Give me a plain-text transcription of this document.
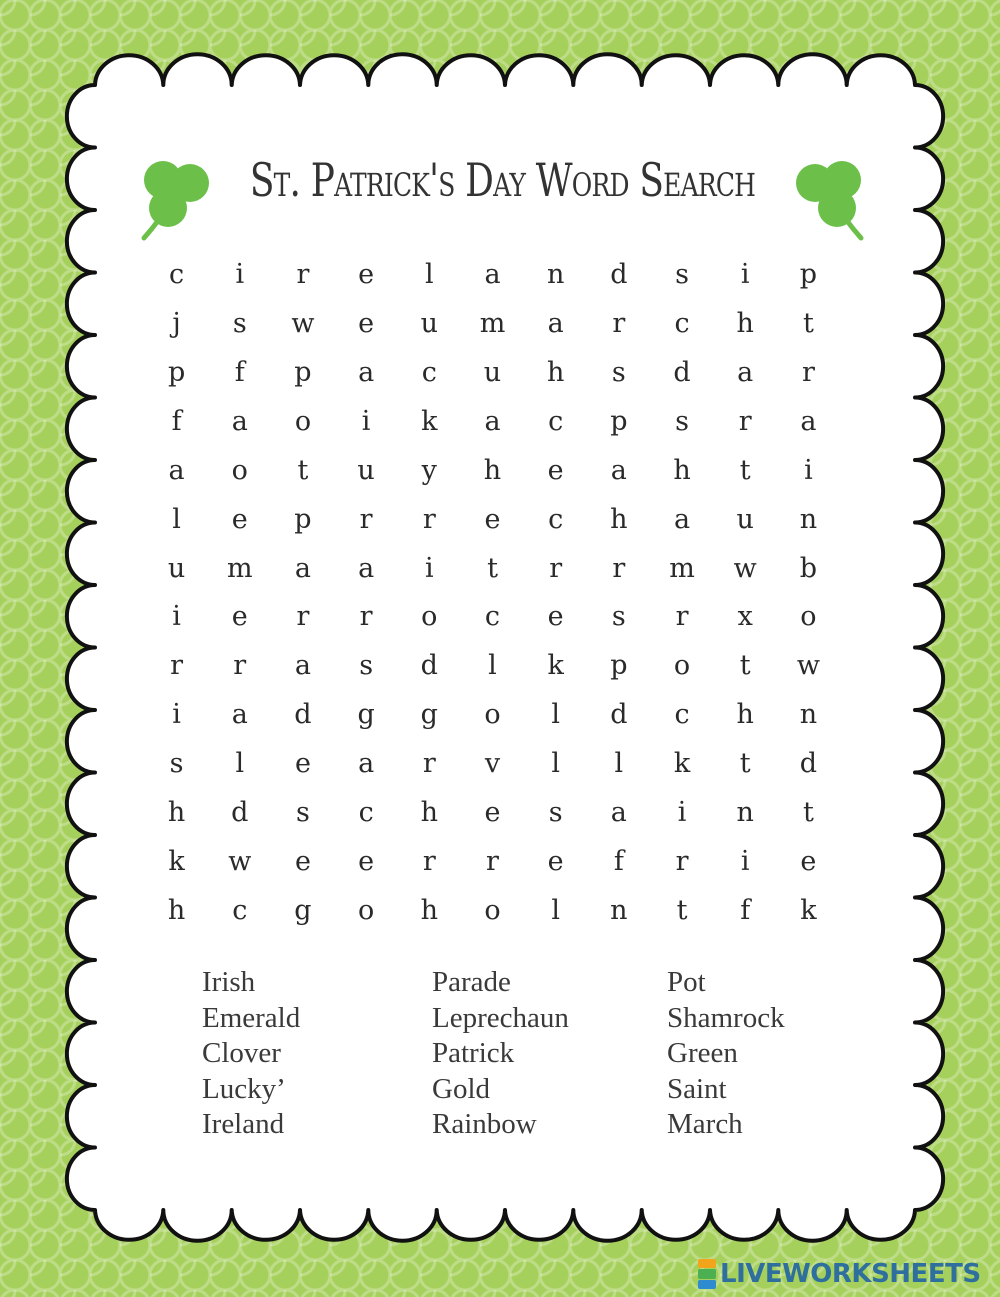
St. Patrick's Day Word Search
c	i	r	e	l	a	n	d	s	i	p
j	s	w	e	u	m	a	r	c	h	t
p	f	p	a	c	u	h	s	d	a	r
f	a	o	i	k	a	c	p	s	r	a
a	o	t	u	y	h	e	a	h	t	i
l	e	p	r	r	e	c	h	a	u	n
u	m	a	a	i	t	r	r	m	w	b
i	e	r	r	o	c	e	s	r	x	o
r	r	a	s	d	l	k	p	o	t	w
i	a	d	g	g	o	l	d	c	h	n
s	l	e	a	r	v	l	l	k	t	d
h	d	s	c	h	e	s	a	i	n	t
k	w	e	e	r	r	e	f	r	i	e
h	c	g	o	h	o	l	n	t	f	k
Irish
Emerald
Clover
Lucky’
Ireland
Parade
Leprechaun
Patrick
Gold
Rainbow
Pot
Shamrock
Green
Saint
March
LIVEWORKSHEETS
